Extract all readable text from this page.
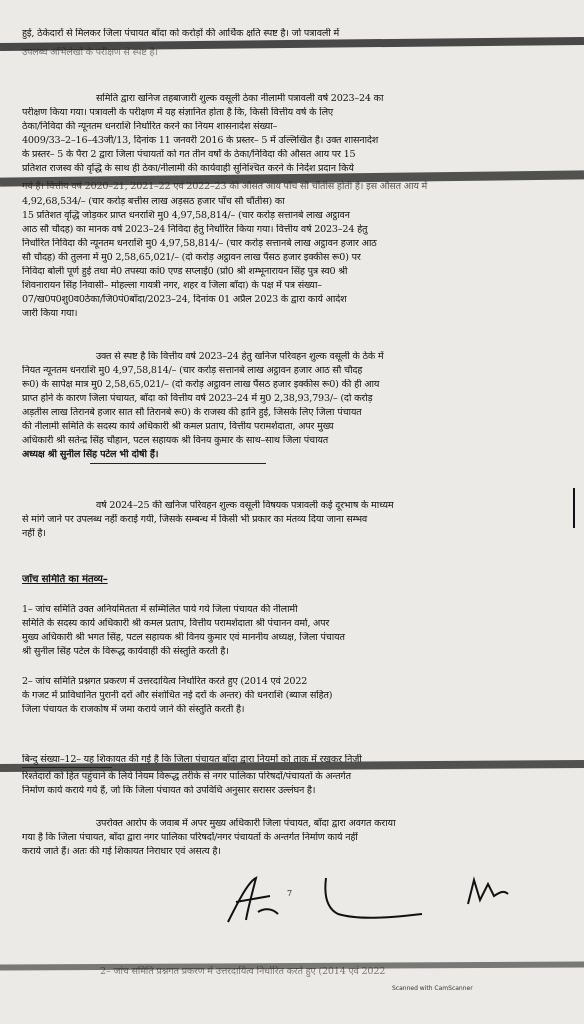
हुई, ठेकेदारों से मिलकर जिला पंचायत बाँदा को करोड़ों की आर्थिक क्षति स्पष्ट है। जो पत्रावली में
उपलब्ध अभिलेखों के परीक्षण से स्पष्ट है।
समिति द्वारा खनिज तहबाजारी शुल्क वसूली ठेका नीलामी पत्रावली वर्ष 2023–24 का
परीक्षण किया गया। पत्रावली के परीक्षण में यह संज्ञानित होता है कि, किसी वित्तीय वर्ष के लिए
ठेका/निविदा की न्यूनतम धनराशि निर्धारित करने का नियम शासनादेश संख्या–
4009/33–2–16–43जी/13, दिनांक 11 जनवरी 2016 के प्रस्तर– 5 में उल्लिखित है। उक्त शासनादेश
के प्रस्तर– 5 के पैरा 2 द्वारा जिला पंचायतों को गत तीन वर्षों के ठेका/निविदा की औसत आय पर 15
प्रतिशत राजस्व की वृद्धि के साथ ही ठेका/नीलामी की कार्यवाही सुनिश्चित करने के निर्देश प्रदान किये
गये हैं। वित्तीय वर्ष 2020–21, 2021–22 एवं 2022–23 की औसत आय पाँच सौ चौंतीस होती है। इस औसत आय में
4,92,68,534/– (चार करोड़ बत्तीस लाख अड़सठ हजार पाँच सौ चौंतीस) का
15 प्रतिशत वृद्धि जोड़कर प्राप्त धनराशि मु0 4,97,58,814/– (चार करोड़ सत्तानबे लाख अट्ठावन
आठ सौ चौदह) का मानक वर्ष 2023–24 निविदा हेतु निर्धारित किया गया। वित्तीय वर्ष 2023–24 हेतु
निर्धारित निविदा की न्यूनतम धनराशि मु0 4,97,58,814/– (चार करोड़ सत्तानबे लाख अट्ठावन हजार आठ
सौ चौदह) की तुलना में मु0 2,58,65,021/– (दो करोड़ अट्ठावन लाख पैंसठ हजार इक्कीस रू0) पर
निविदा बोली पूर्ण हुई तथा मे0 तपस्या कां0 एण्ड सप्लाई0 (प्रो0 श्री शम्भूनारायन सिंह पुत्र स्व0 श्री
शिवनारायन सिंह निवासी– मोहल्ला गायत्री नगर, शहर व जिला बाँदा) के पक्ष में पत्र संख्या–
07/ख0प0शु0व0ठेका/जि0पं0बाँदा/2023–24, दिनांक 01 अप्रैल 2023 के द्वारा कार्य आदेश
जारी किया गया।
उक्त से स्पष्ट है कि वित्तीय वर्ष 2023–24 हेतु खनिज परिवहन शुल्क वसूली के ठेके में
नियत न्यूनतम धनराशि मु0 4,97,58,814/– (चार करोड़ सत्तानबे लाख अट्ठावन हजार आठ सौ चौदह
रू0) के सापेक्ष मात्र मु0 2,58,65,021/– (दो करोड़ अट्ठावन लाख पैंसठ हजार इक्कीस रू0) की ही आय
प्राप्त होने के कारण जिला पंचायत, बाँदा को वित्तीय वर्ष 2023–24 में मु0 2,38,93,793/– (दो करोड़
अड़तीस लाख तिरानबे हजार सात सौ तिरानबे रू0) के राजस्व की हानि हुई, जिसके लिए जिला पंचायत
की नीलामी समिति के सदस्य कार्य अधिकारी श्री कमल प्रताप, वित्तीय परामर्शदाता, अपर मुख्य
अधिकारी श्री सतेन्द्र सिंह चौहान, पटल सहायक श्री विनय कुमार के साथ–साथ जिला पंचायत
अध्यक्ष श्री सुनील सिंह पटेल भी दोषी हैं।
वर्ष 2024–25 की खनिज परिवहन शुल्क वसूली विषयक पत्रावली कई दूरभाष के माध्यम
से मांगे जाने पर उपलब्ध नहीं कराई गयी, जिसके सम्बन्ध में किसी भी प्रकार का मंतव्य दिया जाना सम्भव
नहीं है।
जाँच समिति का मंतव्य–
1– जांच समिति उक्त अनियमितता में सम्मिलित पाये गये जिला पंचायत की नीलामी
समिति के सदस्य कार्य अधिकारी श्री कमल प्रताप, वित्तीय परामर्शदाता श्री पंचानन वर्मा, अपर
मुख्य अधिकारी श्री भगत सिंह, पटल सहायक श्री विनय कुमार एवं माननीय अध्यक्ष, जिला पंचायत
श्री सुनील सिंह पटेल के विरूद्ध कार्यवाही की संस्तुति करती है।
2– जांच समिति प्रश्नगत प्रकरण में उत्तरदायित्व निर्धारित करते हुए (2014 एवं 2022
के गजट में प्राविधानित पुरानी दरों और संशोधित नई दरों के अन्तर) की धनराशि (ब्याज सहित)
जिला पंचायत के राजकोष में जमा कराये जाने की संस्तुति करती है।
बिन्दु संख्या–12– यह शिकायत की गई है कि जिला पंचायत बाँदा द्वारा नियमों को ताक में रखकर निजी
रिश्तेदारों को हित पहुंचाने के लिये नियम विरूद्ध तरीके से नगर पालिका परिषदों/पंचायतों के अन्तर्गत
निर्माण कार्य कराये गये हैं, जो कि जिला पंचायत को उपविधि अनुसार सरासर उल्लंघन है।
उपरोक्त आरोप के जवाब में अपर मुख्य अधिकारी जिला पंचायत, बाँदा द्वारा अवगत कराया
गया है कि जिला पंचायत, बाँदा द्वारा नगर पालिका परिषदों/नगर पंचायतों के अन्तर्गत निर्माण कार्य नहीं
कराये जाते हैं। अतः की गई शिकायत निराधार एवं असत्य है।
7
2– जांच समिति प्रश्नगत प्रकरण में उत्तरदायित्व निर्धारित करते हुए (2014 एवं 2022
Scanned with CamScanner
